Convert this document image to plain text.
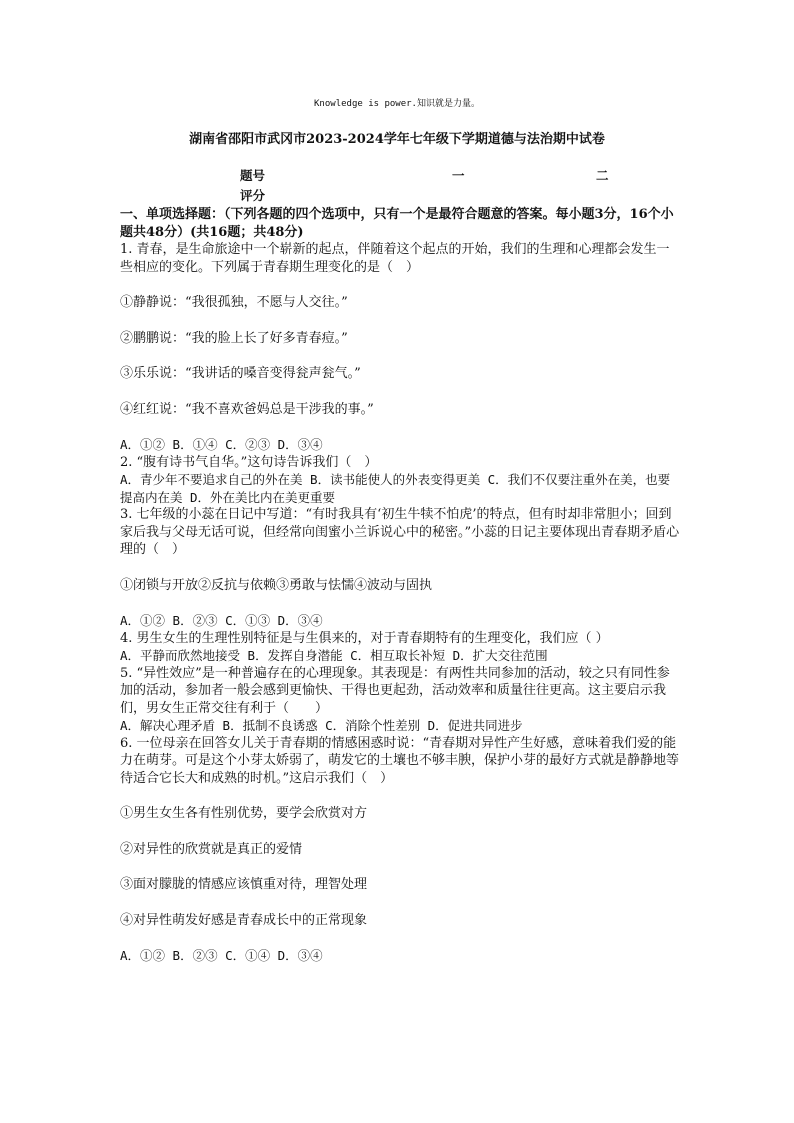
Knowledge is power.知识就是力量。
湖南省邵阳市武冈市2023-2024学年七年级下学期道德与法治期中试卷
题号	一	二
评分

一、单项选择题：（下列各题的四个选项中，只有一个是最符合题意的答案。每小题3分，16个小题共48分）(共16题；共48分)

1. 青春，是生命旅途中一个崭新的起点，伴随着这个起点的开始，我们的生理和心理都会发生一些相应的变化。下列属于青春期生理变化的是（　）

①静静说：“我很孤独，不愿与人交往。”

②鹏鹏说：“我的脸上长了好多青春痘。”

③乐乐说：“我讲话的嗓音变得瓮声瓮气。”

④红红说：“我不喜欢爸妈总是干涉我的事。”

A．①② B．①④ C．②③ D．③④

2. “腹有诗书气自华。”这句诗告诉我们（　）

A．青少年不要追求自己的外在美 B．读书能使人的外表变得更美 C．我们不仅要注重外在美，也要提高内在美 D．外在美比内在美更重要

3. 七年级的小蕊在日记中写道：“有时我具有‘初生牛犊不怕虎’的特点，但有时却非常胆小；回到家后我与父母无话可说，但经常向闺蜜小兰诉说心中的秘密。”小蕊的日记主要体现出青春期矛盾心理的（　）

①闭锁与开放②反抗与依赖③勇敢与怯懦④波动与固执

A．①② B．②③ C．①③ D．③④

4. 男生女生的生理性别特征是与生俱来的，对于青春期特有的生理变化，我们应（ ）

A．平静而欣然地接受 B．发挥自身潜能 C．相互取长补短 D．扩大交往范围

5. “异性效应”是一种普遍存在的心理现象。其表现是：有两性共同参加的活动，较之只有同性参加的活动，参加者一般会感到更愉快、干得也更起劲，活动效率和质量往往更高。这主要启示我们，男女生正常交往有利于（　　）

A．解决心理矛盾 B．抵制不良诱惑 C．消除个性差别 D．促进共同进步

6. 一位母亲在回答女儿关于青春期的情感困惑时说：“青春期对异性产生好感，意味着我们爱的能力在萌芽。可是这个小芽太娇弱了，萌发它的土壤也不够丰腴，保护小芽的最好方式就是静静地等待适合它长大和成熟的时机。”这启示我们（　）

①男生女生各有性别优势，要学会欣赏对方

②对异性的欣赏就是真正的爱情

③面对朦胧的情感应该慎重对待，理智处理

④对异性萌发好感是青春成长中的正常现象

A．①② B．②③ C．①④ D．③④
